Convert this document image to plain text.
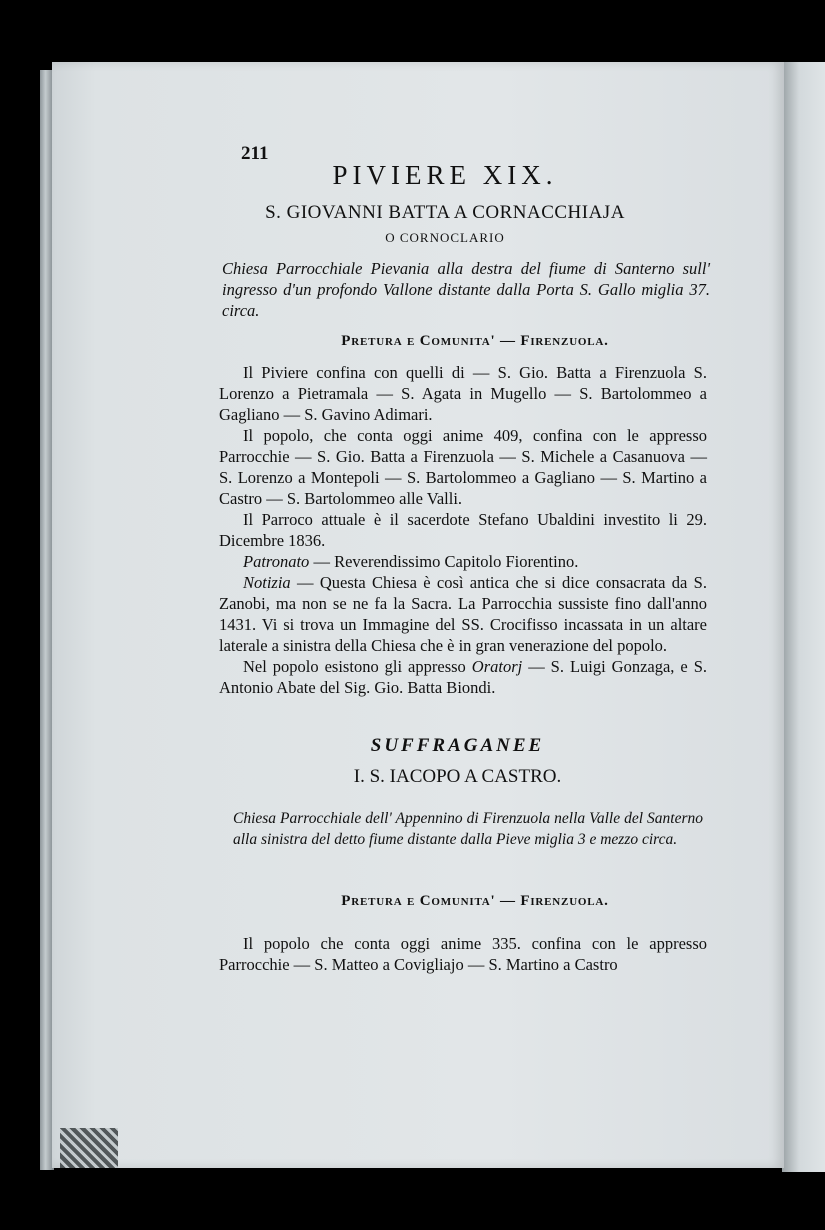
211
PIVIERE XIX.
S. GIOVANNI BATTA A CORNACCHIAJA
O CORNOCLARIO
Chiesa Parrocchiale Pievania alla destra del fiume di Santerno sull' ingresso d'un profondo Vallone distante dalla Porta S. Gallo miglia 37. circa.
Pretura e Comunita' — Firenzuola.

Il Piviere confina con quelli di — S. Gio. Batta a Firenzuola S. Lorenzo a Pietramala — S. Agata in Mugello — S. Bartolommeo a Gagliano — S. Gavino Adimari.

Il popolo, che conta oggi anime 409, confina con le appresso Parrocchie — S. Gio. Batta a Firenzuola — S. Michele a Casanuova — S. Lorenzo a Montepoli — S. Bartolommeo a Gagliano — S. Martino a Castro — S. Bartolommeo alle Valli.

Il Parroco attuale è il sacerdote Stefano Ubaldini investito li 29. Dicembre 1836.

Patronato — Reverendissimo Capitolo Fiorentino.

Notizia — Questa Chiesa è così antica che si dice consacrata da S. Zanobi, ma non se ne fa la Sacra. La Parrocchia sussiste fino dall'anno 1431. Vi si trova un Immagine del SS. Crocifisso incassata in un altare laterale a sinistra della Chiesa che è in gran venerazione del popolo.

Nel popolo esistono gli appresso Oratorj — S. Luigi Gonzaga, e S. Antonio Abate del Sig. Gio. Batta Biondi.

SUFFRAGANEE
I. S. IACOPO A CASTRO.
Chiesa Parrocchiale dell' Appennino di Firenzuola nella Valle del Santerno alla sinistra del detto fiume distante dalla Pieve miglia 3 e mezzo circa.
Pretura e Comunita' — Firenzuola.

Il popolo che conta oggi anime 335. confina con le appresso Parrocchie — S. Matteo a Covigliajo — S. Martino a Castro
